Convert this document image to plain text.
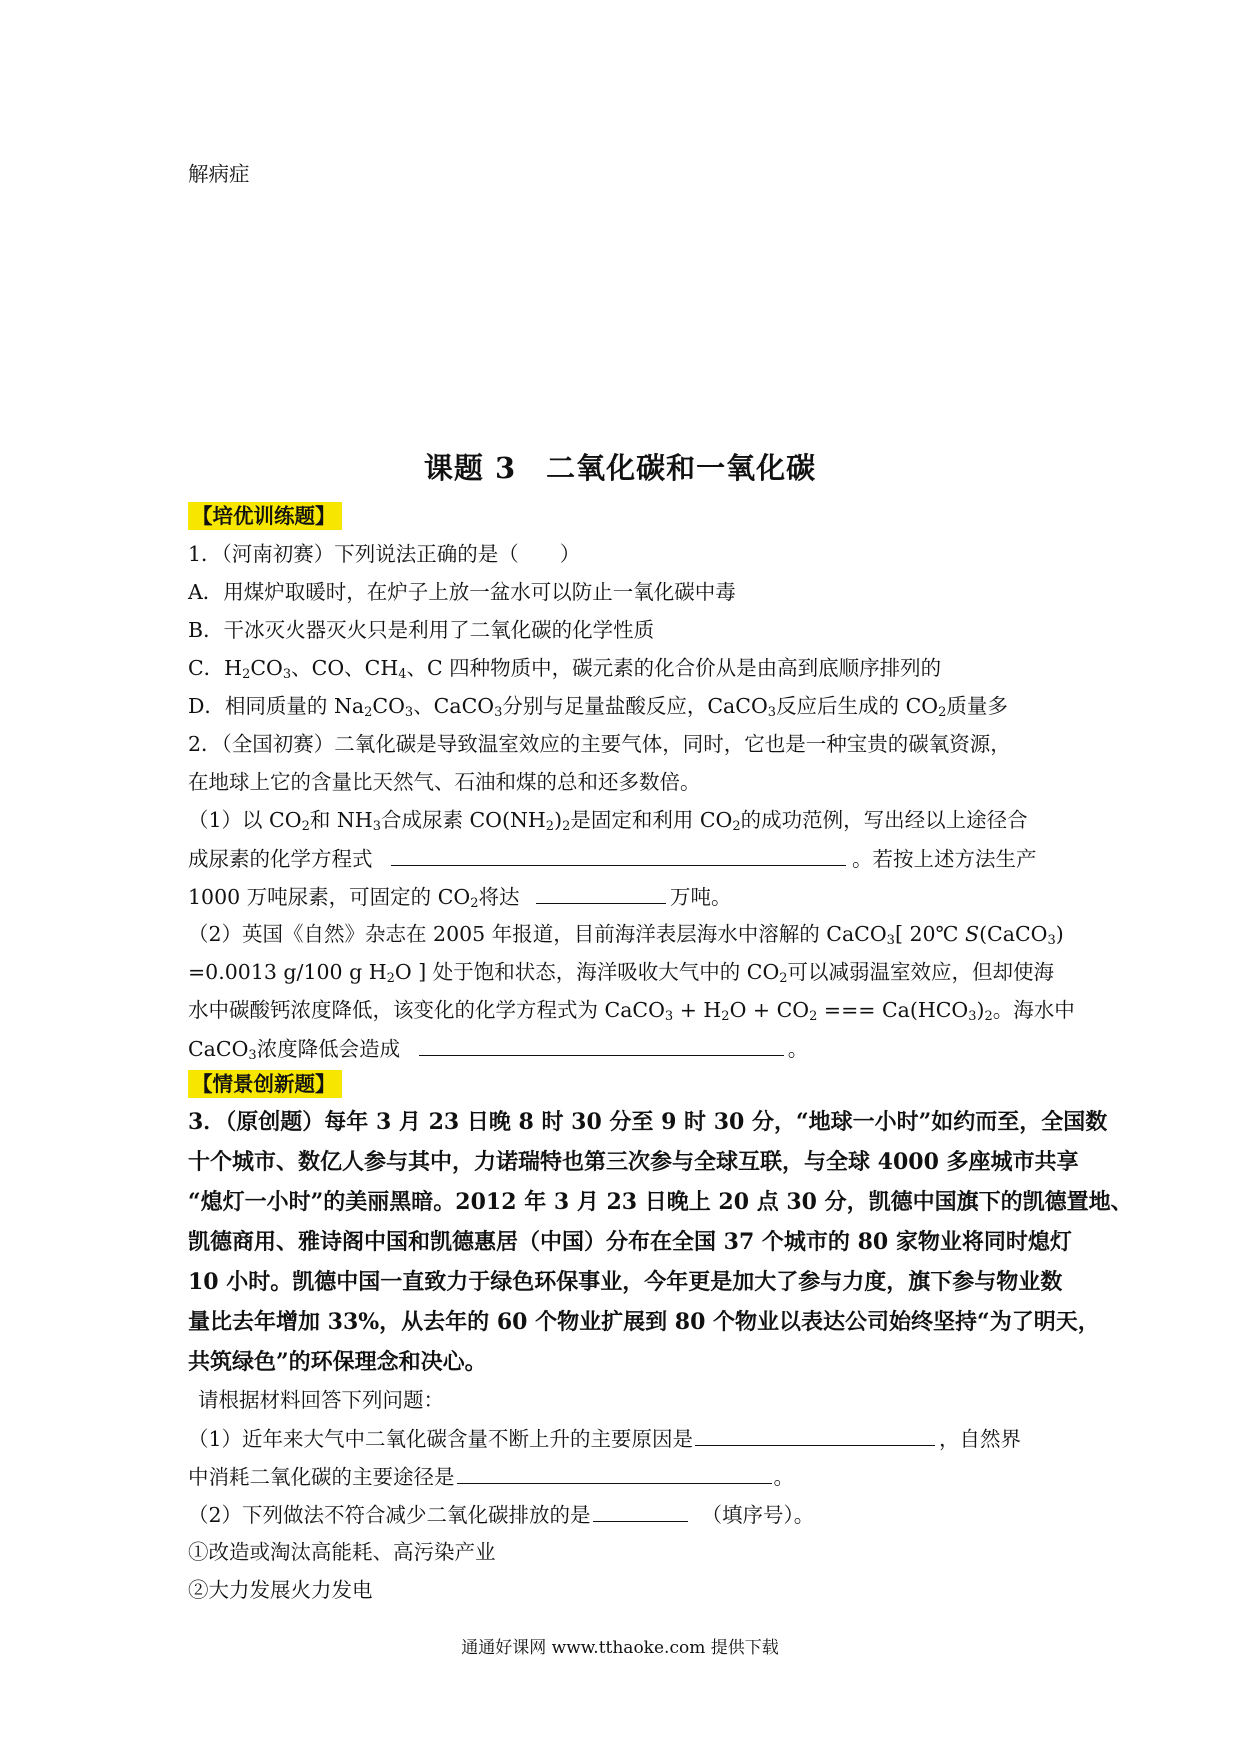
解病症
课题 3　二氧化碳和一氧化碳
【培优训练题】
1．（河南初赛）下列说法正确的是（　　）
A．用煤炉取暖时，在炉子上放一盆水可以防止一氧化碳中毒
B．干冰灭火器灭火只是利用了二氧化碳的化学性质
C．$H_2CO_3$、CO、$CH_4$、C 四种物质中，碳元素的化合价从是由高到底顺序排列的
D．相同质量的 $Na_2CO_3$、CaCO$_3$分别与足量盐酸反应，CaCO$_3$反应后生成的 $CO_2$质量多
2．（全国初赛）二氧化碳是导致温室效应的主要气体，同时，它也是一种宝贵的碳氧资源，
在地球上它的含量比天然气、石油和煤的总和还多数倍。
（1）以 $CO_2$和 $NH_3$合成尿素 $CO(NH_2)_2$是固定和利用 $CO_2$的成功范例，写出经以上途径合
成尿素的化学方程式	。若按上述方法生产
1000 万吨尿素，可固定的 $CO_2$将达	万吨。
（2）英国《自然》杂志在 2005 年报道，目前海洋表层海水中溶解的 CaCO$_3$[ 20℃ S(CaCO$_3$)
=0.0013 g/100 g $H_2O$ ] 处于饱和状态，海洋吸收大气中的 $CO_2$可以减弱温室效应，但却使海
水中碳酸钙浓度降低，该变化的化学方程式为 CaCO$_3$ + $H_2O + CO_2$ === $Ca(HCO_3)_2$。海水中
CaCO$_3$浓度降低会造成	。
【情景创新题】
3．（原创题）每年 3 月 23 日晚 8 时 30 分至 9 时 30 分，“地球一小时”如约而至，全国数
十个城市、数亿人参与其中，力诺瑞特也第三次参与全球互联，与全球 4000 多座城市共享
“熄灯一小时”的美丽黑暗。2012 年 3 月 23 日晚上 20 点 30 分，凯德中国旗下的凯德置地、
凯德商用、雅诗阁中国和凯德惠居（中国）分布在全国 37 个城市的 80 家物业将同时熄灯
10 小时。凯德中国一直致力于绿色环保事业，今年更是加大了参与力度，旗下参与物业数
量比去年增加 33%，从去年的 60 个物业扩展到 80 个物业以表达公司始终坚持“为了明天，
共筑绿色”的环保理念和决心。
请根据材料回答下列问题：
（1）近年来大气中二氧化碳含量不断上升的主要原因是	，自然界
中消耗二氧化碳的主要途径是	。
（2）下列做法不符合减少二氧化碳排放的是	（填序号）。
①改造或淘汰高能耗、高污染产业
②大力发展火力发电
通通好课网 www.tthaoke.com 提供下载
